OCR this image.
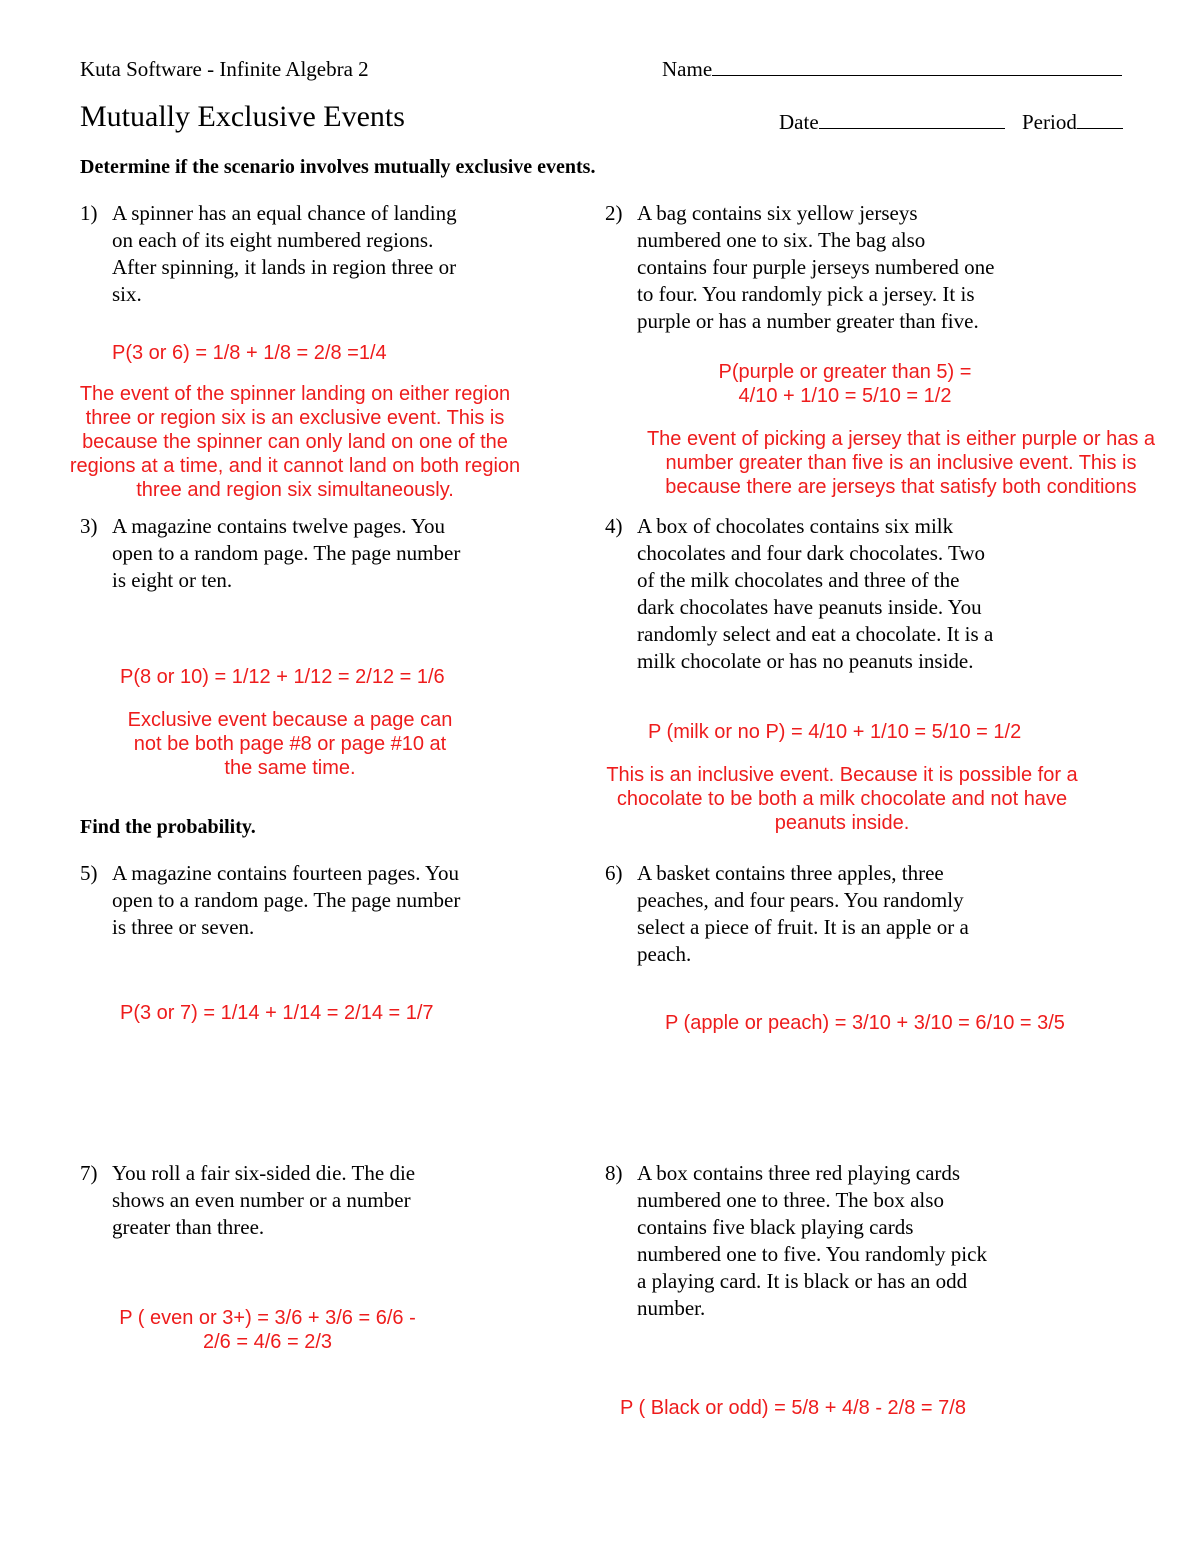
Kuta Software - Infinite Algebra 2	Name
Mutually Exclusive Events	Date	Period
Determine if the scenario involves mutually exclusive events.
1) A spinner has an equal chance of landing
on each of its eight numbered regions.
After spinning, it lands in region three or
six.
P(3 or 6) = 1/8 + 1/8 = 2/8 =1/4
The event of the spinner landing on either region
three or region six is an exclusive event. This is
because the spinner can only land on one of the
regions at a time, and it cannot land on both region
three and region six simultaneously.
2) A bag contains six yellow jerseys
numbered one to six. The bag also
contains four purple jerseys numbered one
to four. You randomly pick a jersey. It is
purple or has a number greater than five.
P(purple or greater than 5) =
4/10 + 1/10 = 5/10 = 1/2
The event of picking a jersey that is either purple or has a
number greater than five is an inclusive event. This is
because there are jerseys that satisfy both conditions
3) A magazine contains twelve pages. You
open to a random page. The page number
is eight or ten.
P(8 or 10) = 1/12 + 1/12 = 2/12 = 1/6
Exclusive event because a page can
not be both page #8 or page #10 at
the same time.
4) A box of chocolates contains six milk
chocolates and four dark chocolates. Two
of the milk chocolates and three of the
dark chocolates have peanuts inside. You
randomly select and eat a chocolate. It is a
milk chocolate or has no peanuts inside.
P (milk or no P) = 4/10 + 1/10 = 5/10 = 1/2
This is an inclusive event. Because it is possible for a
chocolate to be both a milk chocolate and not have
peanuts inside.
Find the probability.
5) A magazine contains fourteen pages. You
open to a random page. The page number
is three or seven.
P(3 or 7) = 1/14 + 1/14 = 2/14 = 1/7
6) A basket contains three apples, three
peaches, and four pears. You randomly
select a piece of fruit. It is an apple or a
peach.
P (apple or peach) = 3/10 + 3/10 = 6/10 = 3/5
7) You roll a fair six-sided die. The die
shows an even number or a number
greater than three.
P ( even or 3+) = 3/6 + 3/6 = 6/6 -
2/6 = 4/6 = 2/3
8) A box contains three red playing cards
numbered one to three. The box also
contains five black playing cards
numbered one to five. You randomly pick
a playing card. It is black or has an odd
number.
P ( Black or odd) = 5/8 + 4/8 - 2/8 = 7/8
